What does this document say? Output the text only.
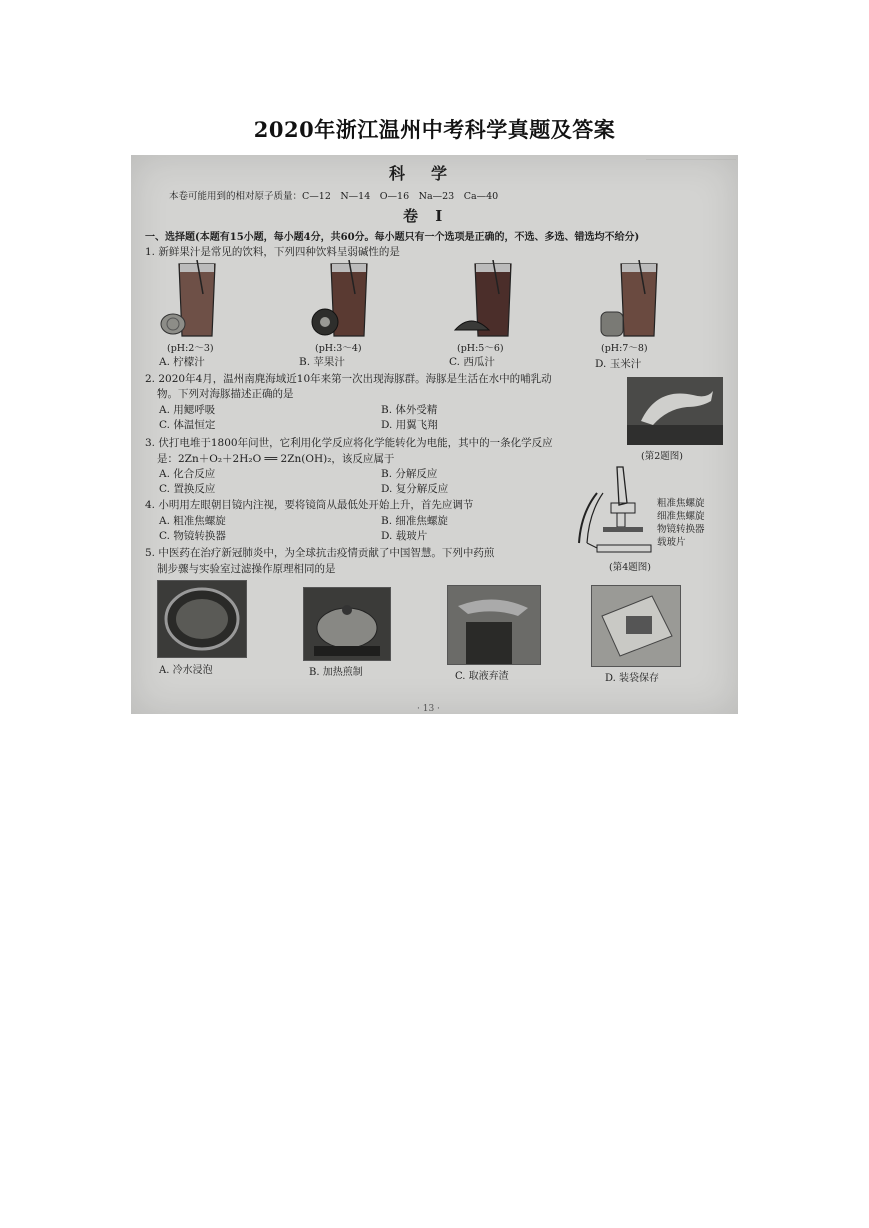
2020年浙江温州中考科学真题及答案
科学
本卷可能用到的相对原子质量：C—12　N—14　O—16　Na—23　Ca—40
卷 Ⅰ
一、选择题(本题有15小题，每小题4分，共60分。每小题只有一个选项是正确的，不选、多选、错选均不给分)
1. 新鲜果汁是常见的饮料，下列四种饮料呈弱碱性的是
(pH:2～3)	(pH:3～4)	(pH:5～6)	(pH:7～8)
A. 柠檬汁	B. 苹果汁	C. 西瓜汁	D. 玉米汁
2. 2020年4月，温州南麂海域近10年来第一次出现海豚群。海豚是生活在水中的哺乳动
物。下列对海豚描述正确的是
A. 用鳃呼吸	B. 体外受精
C. 体温恒定	D. 用翼飞翔
(第2题图)
3. 伏打电堆于1800年问世，它利用化学反应将化学能转化为电能，其中的一条化学反应
是：2Zn＋O₂＋2H₂O ══ 2Zn(OH)₂，该反应属于
A. 化合反应	B. 分解反应
C. 置换反应	D. 复分解反应
4. 小明用左眼朝目镜内注视，要将镜筒从最低处开始上升，首先应调节
A. 粗准焦螺旋	B. 细准焦螺旋
C. 物镜转换器	D. 载玻片
粗准焦螺旋
细准焦螺旋
物镜转换器
载玻片
(第4题图)
5. 中医药在治疗新冠肺炎中，为全球抗击疫情贡献了中国智慧。下列中药煎
制步骤与实验室过滤操作原理相同的是
A. 冷水浸泡	B. 加热煎制	C. 取液弃渣	D. 装袋保存
· 13 ·
